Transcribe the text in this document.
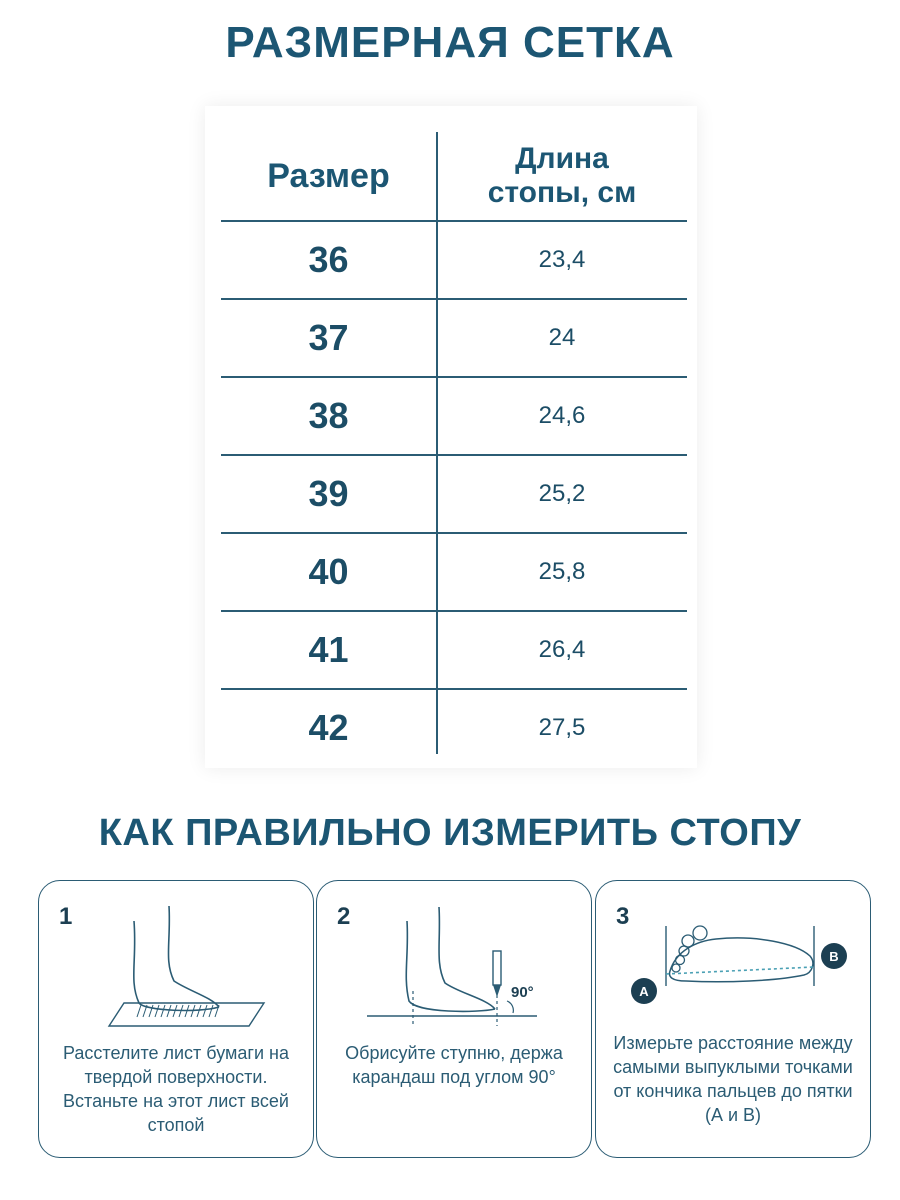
РАЗМЕРНАЯ СЕТКА
Размер	Длина стопы, см
36	23,4
37	24
38	24,6
39	25,2
40	25,8
41	26,4
42	27,5
КАК ПРАВИЛЬНО ИЗМЕРИТЬ СТОПУ
1
Расстелите лист бумаги на твердой поверхности. Встаньте на этот лист всей стопой
2
90°
Обрисуйте ступню, держа карандаш под углом 90°
3
A
B
Измерьте расстояние между самыми выпуклыми точками от кончика пальцев до пятки (А и В)
